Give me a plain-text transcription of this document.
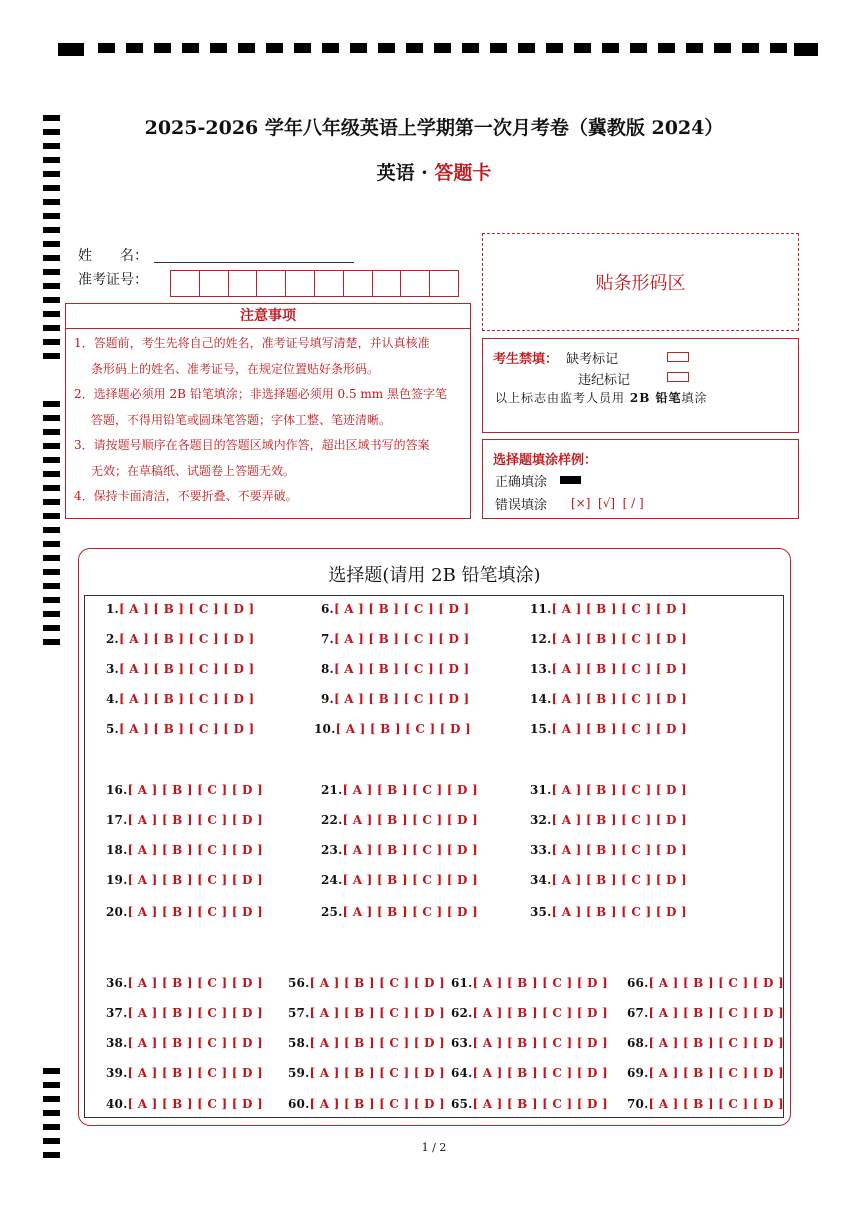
2025-2026 学年八年级英语上学期第一次月考卷（冀教版 2024）
英语 · 答题卡
姓　　名：
准考证号：	贴条形码区
注意事项
1．答题前，考生先将自己的姓名，准考证号填写清楚，并认真核准
条形码上的姓名、准考证号，在规定位置贴好条形码。
2．选择题必须用 2B 铅笔填涂；非选择题必须用 0.5 mm 黑色签字笔
答题，不得用铅笔或圆珠笔答题；字体工整、笔迹清晰。
3．请按题号顺序在各题目的答题区域内作答，超出区域书写的答案
无效；在草稿纸、试题卷上答题无效。
4．保持卡面清洁，不要折叠、不要弄破。
考生禁填： 缺考标记
违纪标记
以上标志由监考人员用 2B 铅笔填涂
选择题填涂样例：
正确填涂
错误填涂 [×]  [√]  [ / ]
选择题(请用 2B 铅笔填涂)
1.[ A ] [ B ] [ C ] [ D ]
2.[ A ] [ B ] [ C ] [ D ]
3.[ A ] [ B ] [ C ] [ D ]
4.[ A ] [ B ] [ C ] [ D ]
5.[ A ] [ B ] [ C ] [ D ]
6.[ A ] [ B ] [ C ] [ D ]
7.[ A ] [ B ] [ C ] [ D ]
8.[ A ] [ B ] [ C ] [ D ]
9.[ A ] [ B ] [ C ] [ D ]
10.[ A ] [ B ] [ C ] [ D ]
11.[ A ] [ B ] [ C ] [ D ]
12.[ A ] [ B ] [ C ] [ D ]
13.[ A ] [ B ] [ C ] [ D ]
14.[ A ] [ B ] [ C ] [ D ]
15.[ A ] [ B ] [ C ] [ D ]
16.[ A ] [ B ] [ C ] [ D ]
17.[ A ] [ B ] [ C ] [ D ]
18.[ A ] [ B ] [ C ] [ D ]
19.[ A ] [ B ] [ C ] [ D ]
20.[ A ] [ B ] [ C ] [ D ]
21.[ A ] [ B ] [ C ] [ D ]
22.[ A ] [ B ] [ C ] [ D ]
23.[ A ] [ B ] [ C ] [ D ]
24.[ A ] [ B ] [ C ] [ D ]
25.[ A ] [ B ] [ C ] [ D ]
31.[ A ] [ B ] [ C ] [ D ]
32.[ A ] [ B ] [ C ] [ D ]
33.[ A ] [ B ] [ C ] [ D ]
34.[ A ] [ B ] [ C ] [ D ]
35.[ A ] [ B ] [ C ] [ D ]
36.[ A ] [ B ] [ C ] [ D ]
37.[ A ] [ B ] [ C ] [ D ]
38.[ A ] [ B ] [ C ] [ D ]
39.[ A ] [ B ] [ C ] [ D ]
40.[ A ] [ B ] [ C ] [ D ]
56.[ A ] [ B ] [ C ] [ D ]
57.[ A ] [ B ] [ C ] [ D ]
58.[ A ] [ B ] [ C ] [ D ]
59.[ A ] [ B ] [ C ] [ D ]
60.[ A ] [ B ] [ C ] [ D ]
61.[ A ] [ B ] [ C ] [ D ]
62.[ A ] [ B ] [ C ] [ D ]
63.[ A ] [ B ] [ C ] [ D ]
64.[ A ] [ B ] [ C ] [ D ]
65.[ A ] [ B ] [ C ] [ D ]
66.[ A ] [ B ] [ C ] [ D ]
67.[ A ] [ B ] [ C ] [ D ]
68.[ A ] [ B ] [ C ] [ D ]
69.[ A ] [ B ] [ C ] [ D ]
70.[ A ] [ B ] [ C ] [ D ]
1 / 2
